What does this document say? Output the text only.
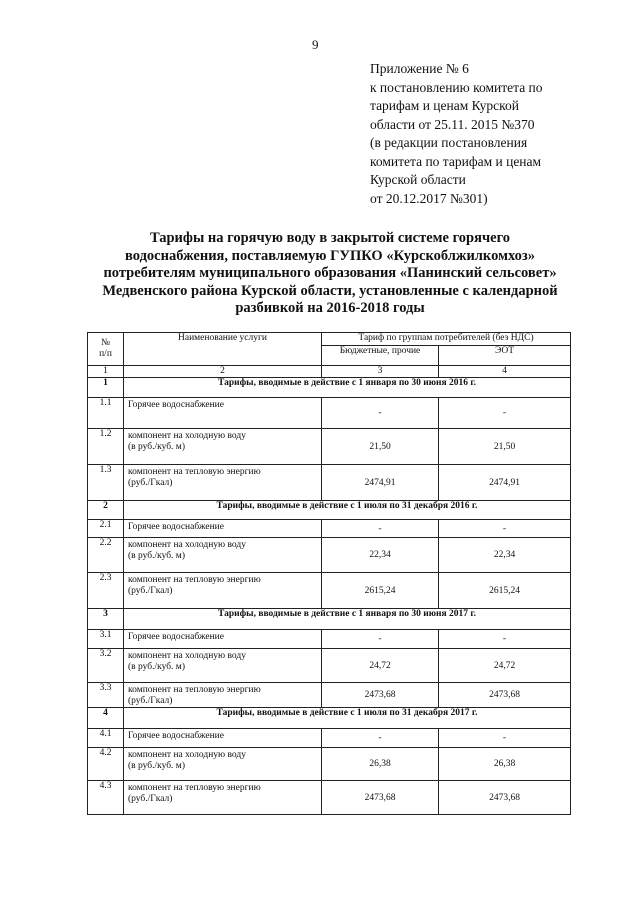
9
Приложение № 6
к постановлению комитета по
тарифам и ценам Курской
области от 25.11. 2015 №370
(в редакции постановления
комитета по тарифам и ценам
Курской области
от 20.12.2017 №301)
Тарифы на горячую воду в закрытой системе горячего
водоснабжения, поставляемую ГУПКО «Курскоблжилкомхоз»
потребителям муниципального образования «Панинский сельсовет»
Медвенского района Курской области, установленные с календарной
разбивкой на 2016-2018 годы
№
п/п	Наименование услуги	Тариф по группам потребителей (без НДС)	
		Бюджетные, прочие	ЭОТ
1	2	3	4
1	Тарифы, вводимые в действие с 1 января по 30 июня 2016 г.		
1.1	Горячее водоснабжение	-	-
1.2	компонент на холодную воду
(в руб./куб. м)	21,50	21,50
1.3	компонент на тепловую энергию
(руб./Гкал)	2474,91	2474,91
2	Тарифы, вводимые в действие с 1 июля по 31 декабря 2016 г.		
2.1	Горячее водоснабжение	-	-
2.2	компонент на холодную воду
(в руб./куб. м)	22,34	22,34
2.3	компонент на тепловую энергию
(руб./Гкал)	2615,24	2615,24
3	Тарифы, вводимые в действие с 1 января по 30 июня 2017 г.		
3.1	Горячее водоснабжение	-	-
3.2	компонент на холодную воду
(в руб./куб. м)	24,72	24,72
3.3	компонент на тепловую энергию
(руб./Гкал)	2473,68	2473,68
4	Тарифы, вводимые в действие с 1 июля по 31 декабря 2017 г.		
4.1	Горячее водоснабжение	-	-
4.2	компонент на холодную воду
(в руб./куб. м)	26,38	26,38
4.3	компонент на тепловую энергию
(руб./Гкал)	2473,68	2473,68
